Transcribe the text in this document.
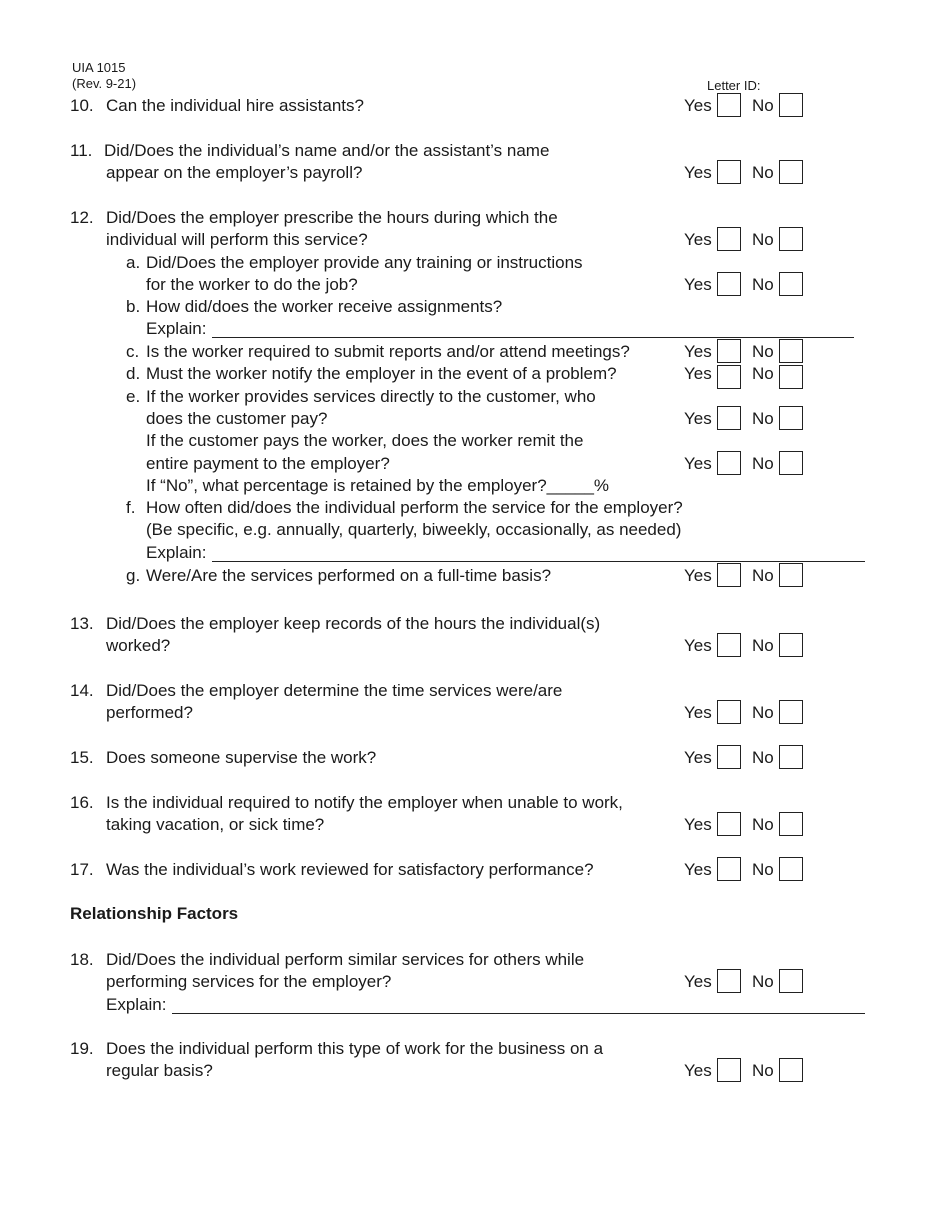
UIA 1015
(Rev. 9-21)	Letter ID:
10. Can the individual hire assistants?	Yes No
11. Did/Does the individual’s name and/or the assistant’s name
appear on the employer’s payroll?	Yes No
12. Did/Does the employer prescribe the hours during which the
individual will perform this service?	Yes No
a. Did/Does the employer provide any training or instructions
for the worker to do the job?	Yes No
b. How did/does the worker receive assignments?
Explain:
c. Is the worker required to submit reports and/or attend meetings?	Yes No
d. Must the worker notify the employer in the event of a problem?	Yes No
e. If the worker provides services directly to the customer, who
does the customer pay?	Yes No
If the customer pays the worker, does the worker remit the
entire payment to the employer?	Yes No
If “No”, what percentage is retained by the employer?_____%
f. How often did/does the individual perform the service for the employer?
(Be specific, e.g. annually, quarterly, biweekly, occasionally, as needed)
Explain:
g. Were/Are the services performed on a full-time basis?	Yes No
13. Did/Does the employer keep records of the hours the individual(s)
worked?	Yes No
14. Did/Does the employer determine the time services were/are
performed?	Yes No
15. Does someone supervise the work?	Yes No
16. Is the individual required to notify the employer when unable to work,
taking vacation, or sick time?	Yes No
17. Was the individual’s work reviewed for satisfactory performance?	Yes No
Relationship Factors
18. Did/Does the individual perform similar services for others while
performing services for the employer?	Yes No
Explain:
19. Does the individual perform this type of work for the business on a
regular basis?	Yes No
